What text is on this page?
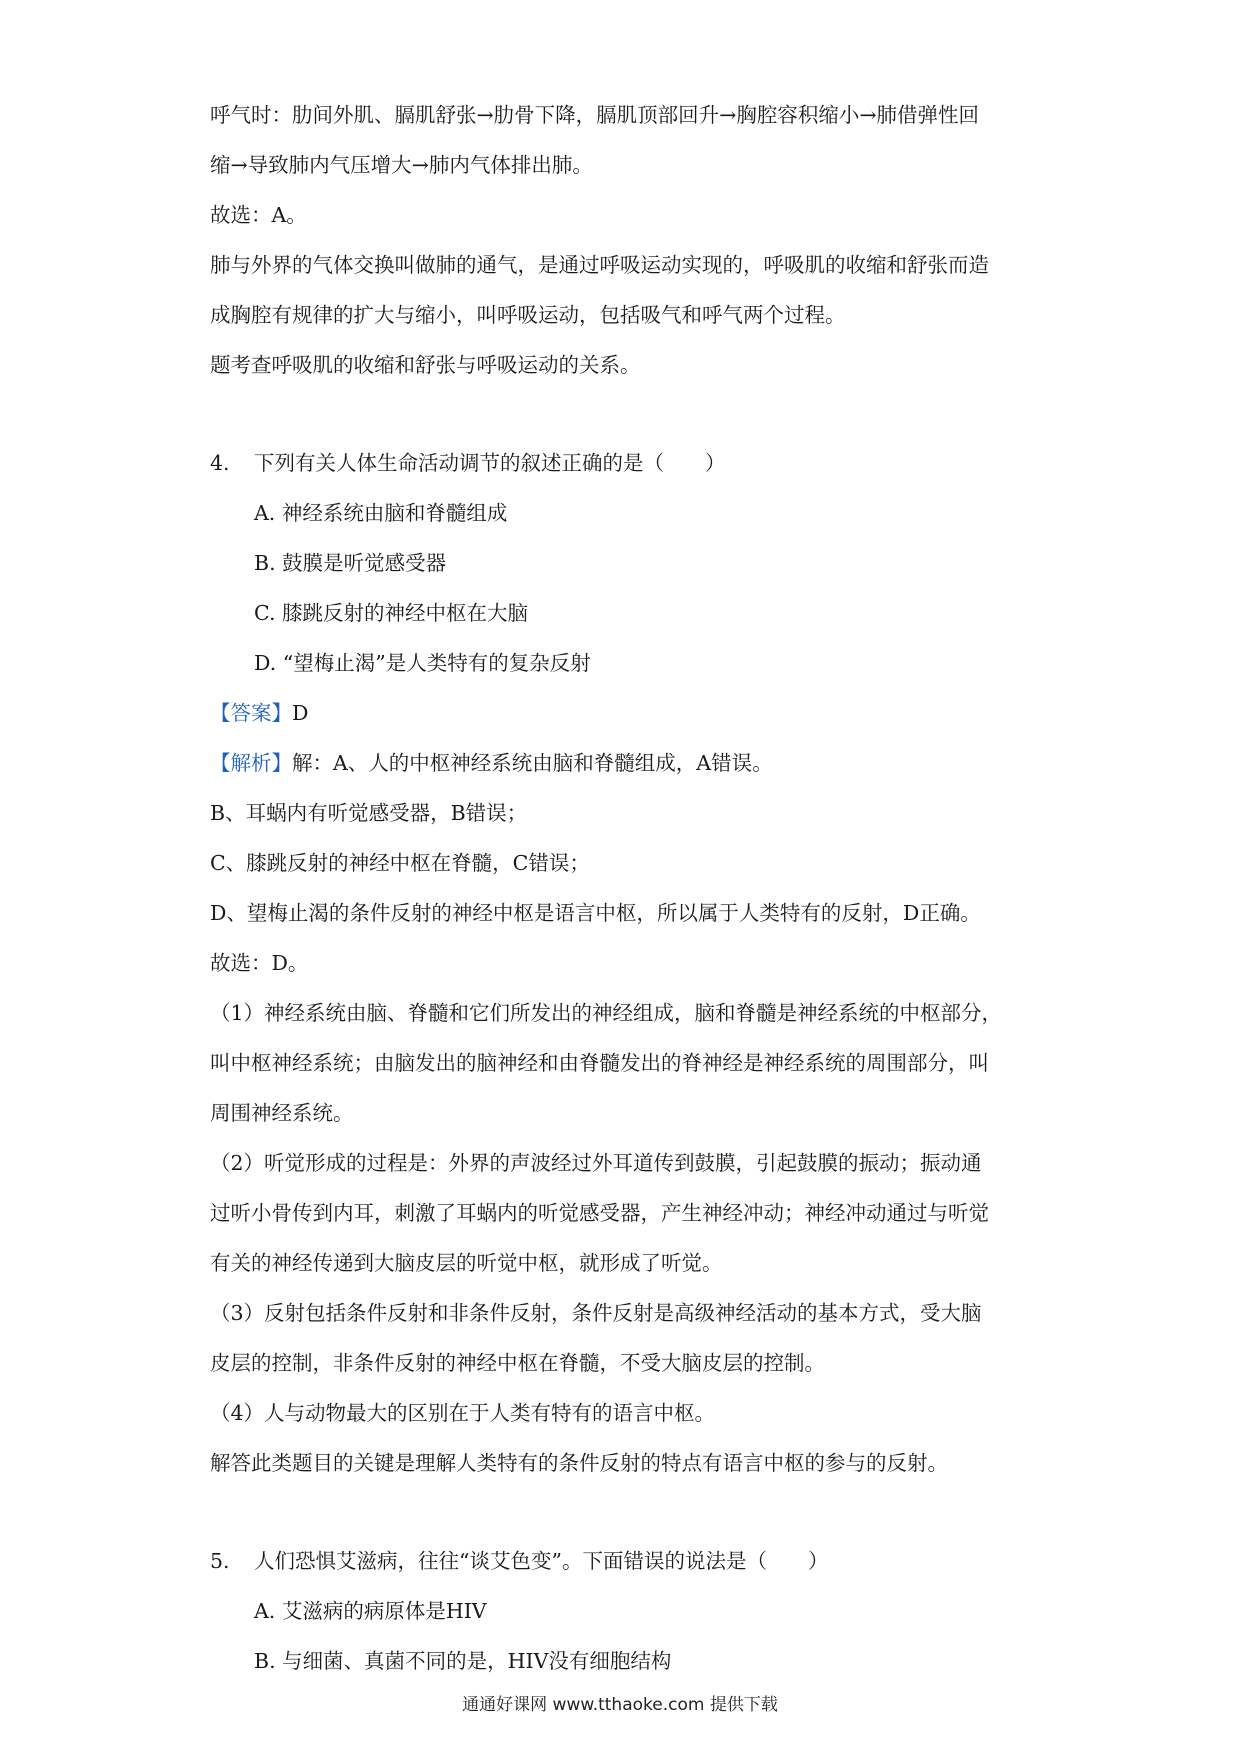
呼气时：肋间外肌、膈肌舒张→肋骨下降，膈肌顶部回升→胸腔容积缩小→肺借弹性回
缩→导致肺内气压增大→肺内气体排出肺。
故选：A。
肺与外界的气体交换叫做肺的通气，是通过呼吸运动实现的，呼吸肌的收缩和舒张而造
成胸腔有规律的扩大与缩小，叫呼吸运动，包括吸气和呼气两个过程。
题考查呼吸肌的收缩和舒张与呼吸运动的关系。
4. 下列有关人体生命活动调节的叙述正确的是（　　）
A. 神经系统由脑和脊髓组成
B. 鼓膜是听觉感受器
C. 膝跳反射的神经中枢在大脑
D. “望梅止渴”是人类特有的复杂反射
【答案】D
【解析】解：A、人的中枢神经系统由脑和脊髓组成，A错误。
B、耳蜗内有听觉感受器，B错误；
C、膝跳反射的神经中枢在脊髓，C错误；
D、望梅止渴的条件反射的神经中枢是语言中枢，所以属于人类特有的反射，D正确。
故选：D。
（1）神经系统由脑、脊髓和它们所发出的神经组成，脑和脊髓是神经系统的中枢部分，
叫中枢神经系统；由脑发出的脑神经和由脊髓发出的脊神经是神经系统的周围部分，叫
周围神经系统。
（2）听觉形成的过程是：外界的声波经过外耳道传到鼓膜，引起鼓膜的振动；振动通
过听小骨传到内耳，刺激了耳蜗内的听觉感受器，产生神经冲动；神经冲动通过与听觉
有关的神经传递到大脑皮层的听觉中枢，就形成了听觉。
（3）反射包括条件反射和非条件反射，条件反射是高级神经活动的基本方式，受大脑
皮层的控制，非条件反射的神经中枢在脊髓，不受大脑皮层的控制。
（4）人与动物最大的区别在于人类有特有的语言中枢。
解答此类题目的关键是理解人类特有的条件反射的特点有语言中枢的参与的反射。
5. 人们恐惧艾滋病，往往“谈艾色变”。下面错误的说法是（　　）
A. 艾滋病的病原体是HIV
B. 与细菌、真菌不同的是，HIV没有细胞结构
通通好课网 www.tthaoke.com 提供下载
